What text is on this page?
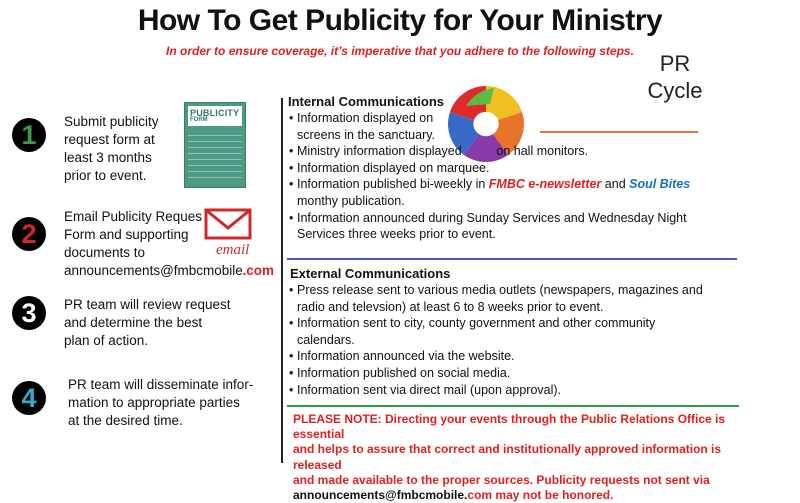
How To Get Publicity for Your Ministry
In order to ensure coverage, it’s imperative that you adhere to the following steps.	PR
Cycle
1
2
3
4
Submit publicity
request form at
least 3 months
prior to event.
PUBLICITY
FORM
Email Publicity Reques
Form and supporting
documents to
announcements@fmbcmobile..com
email
PR team will review request
and determine the best
plan of action.
PR team will disseminate infor-
mation to appropriate parties
at the desired time.
Internal Communications
• Information displayed on
screens in the sanctuary.
• Ministry information displayed	on hall monitors.
• Information displayed on marquee.
• Information published bi-weekly in FMBC e-newsletter and Soul Bites
monthy publication.
• Information announced during Sunday Services and Wednesday Night
Services three weeks prior to event.
External Communications
• Press release sent to various media outlets (newspapers, magazines and
radio and televsion) at least 6 to 8 weeks prior to event.
• Information sent to city, county government and other community
calendars.
• Information announced via the website.
• Information published on social media.
• Information sent via direct mail (upon approval).
PLEASE NOTE: Directing your events through the Public Relations Office is essential
and helps to assure that correct and institutionally approved information is released
and made available to the proper sources. Publicity requests not sent via
announcements@fmbcmobile.com may not be honored.
